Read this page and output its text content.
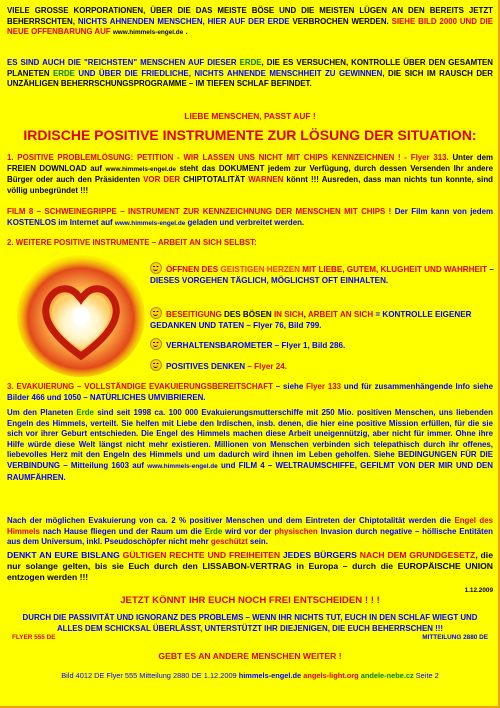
VIELE GROSSE KORPORATIONEN, ÜBER DIE DAS MEISTE BÖSE UND DIE MEISTEN LÜGEN AN DEN BEREITS JETZT BEHERRSCHTEN, NICHTS AHNENDEN MENSCHEN, HIER AUF DER ERDE VERBROCHEN WERDEN. SIEHE BILD 2000 UND DIE NEUE OFFENBARUNG AUF www.himmels-engel.de .
ES SIND AUCH DIE "REICHSTEN" MENSCHEN AUF DIESER ERDE, DIE ES VERSUCHEN, KONTROLLE ÜBER DEN GESAMTEN PLANETEN ERDE UND ÜBER DIE FRIEDLICHE, NICHTS AHNENDE MENSCHHEIT ZU GEWINNEN, DIE SICH IM RAUSCH DER UNZÄHLIGEN BEHERRSCHUNGSPROGRAMME – IM TIEFEN SCHLAF BEFINDET.
LIEBE MENSCHEN, PASST AUF !
IRDISCHE POSITIVE INSTRUMENTE ZUR LÖSUNG DER SITUATION:
1. POSITIVE PROBLEMLÖSUNG: PETITION - WIR LASSEN UNS NICHT MIT CHIPS KENNZEICHNEN ! - Flyer 313. Unter dem FREIEN DOWNLOAD auf www.himmels-engel.de steht das DOKUMENT jedem zur Verfügung, durch dessen Versenden Ihr andere Bürger oder auch den Präsidenten VOR DER CHIPTOTALITÄT WARNEN könnt !!! Ausreden, dass man nichts tun konnte, sind völlig unbegründet !!!
FILM 8 – SCHWEINEGRIPPE – INSTRUMENT ZUR KENNZEICHNUNG DER MENSCHEN MIT CHIPS ! Der Film kann von jedem KOSTENLOS im Internet auf www.himmels-engel.de geladen und verbreitet werden.
2. WEITERE POSITIVE INSTRUMENTE – ARBEIT AN SICH SELBST:
ÖFFNEN DES GEISTIGEN HERZEN MIT LIEBE, GUTEM, KLUGHEIT UND WAHRHEIT – DIESES VORGEHEN TÄGLICH, MÖGLICHST OFT EINHALTEN.
BESEITIGUNG DES BÖSEN IN SICH, ARBEIT AN SICH = KONTROLLE EIGENER GEDANKEN UND TATEN – Flyer 76, Bild 799.
VERHALTENSBAROMETER – Flyer 1, Bild 286.
POSITIVES DENKEN – Flyer 24.
3. EVAKUIERUNG – VOLLSTÄNDIGE EVAKUIERUNGSBEREITSCHAFT – siehe Flyer 133 und für zusammenhängende Info siehe Bilder 466 und 1050 – NATÜRLICHES UMVIBRIEREN.
Um den Planeten Erde sind seit 1998 ca. 100 000 Evakuierungsmutterschiffe mit 250 Mio. positiven Menschen, uns liebenden Engeln des Himmels, verteilt. Sie helfen mit Liebe den Irdischen, insb. denen, die hier eine positive Mission erfüllen, für die sie sich vor ihrer Geburt entschieden. Die Engel des Himmels machen diese Arbeit uneigennützig, aber nicht für immer. Ohne ihre Hilfe würde diese Welt längst nicht mehr existieren. Millionen von Menschen verbinden sich telepathisch durch ihr offenes, liebevolles Herz mit den Engeln des Himmels und um dadurch wird ihnen im Leben geholfen. Siehe BEDINGUNGEN FÜR DIE VERBINDUNG – Mitteilung 1603 auf www.himmels-engel.de und FILM 4 – WELTRAUMSCHIFFE, GEFILMT VON DER MIR UND DEN RAUMFÄHREN.
Nach der möglichen Evakuierung von ca. 2 % positiver Menschen und dem Eintreten der Chiptotalität werden die Engel des Himmels nach Hause fliegen und der Raum um die Erde wird vor der physischen Invasion durch negative – höllische Entitäten aus dem Universum, inkl. Pseudoschöpfer nicht mehr geschützt sein.
DENKT AN EURE BISLANG GÜLTIGEN RECHTE UND FREIHEITEN JEDES BÜRGERS NACH DEM GRUNDGESETZ, die nur solange gelten, bis sie Euch durch den LISSABON-VERTRAG in Europa – durch die EUROPÄISCHE UNION entzogen werden !!!
1.12.2009
JETZT KÖNNT IHR EUCH NOCH FREI ENTSCHEIDEN ! ! !
DURCH DIE PASSIVITÄT UND IGNORANZ DES PROBLEMS – WENN IHR NICHTS TUT, EUCH IN DEN SCHLAF WIEGT UND ALLES DEM SCHICKSAL ÜBERLÄSST, UNTERSTÜTZT IHR DIEJENIGEN, DIE EUCH BEHERRSCHEN !!!
FLYER 555 DE	MITTEILUNG 2880 DE
GEBT ES AN ANDERE MENSCHEN WEITER !
Bild 4012 DE Flyer 555 Mitteilung 2880 DE 1.12.2009 himmels-engel.de angels-light.org andele-nebe.cz Seite 2
